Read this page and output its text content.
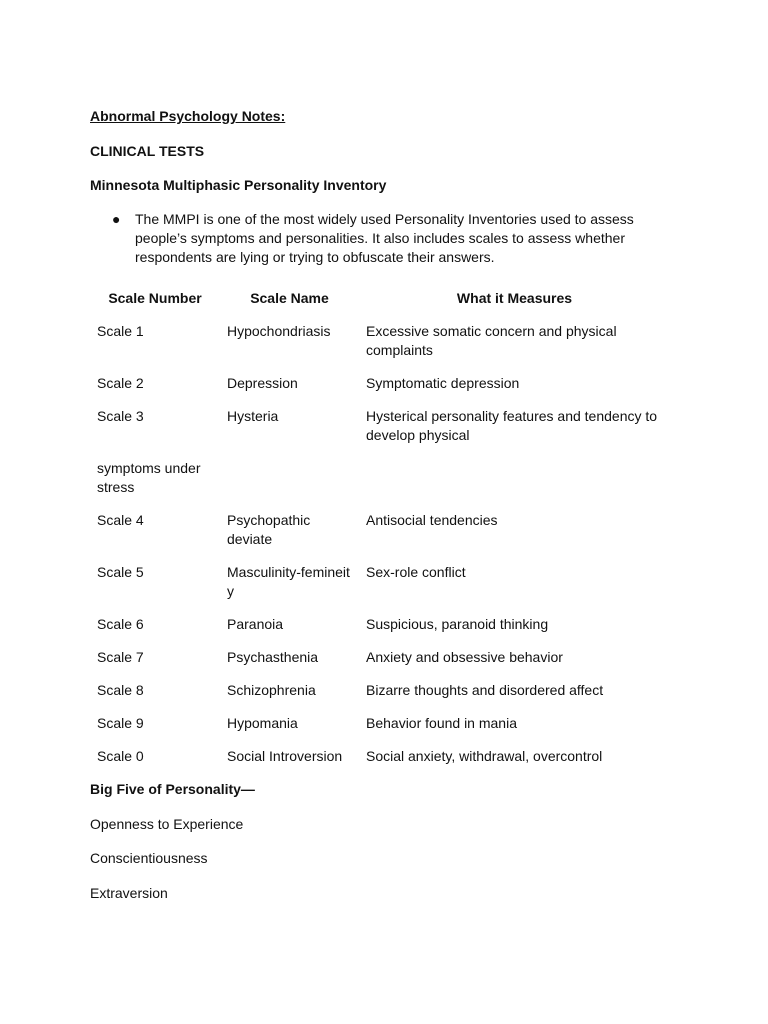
Abnormal Psychology Notes:
CLINICAL TESTS
Minnesota Multiphasic Personality Inventory
●	The MMPI is one of the most widely used Personality Inventories used to assess people’s symptoms and personalities. It also includes scales to assess whether respondents are lying or trying to obfuscate their answers.
Scale Number	Scale Name	What it Measures
Scale 1	Hypochondriasis	Excessive somatic concern and physical complaints
Scale 2	Depression	Symptomatic depression
Scale 3	Hysteria	Hysterical personality features and tendency to develop physical
symptoms under stress		
Scale 4	Psychopathic deviate	Antisocial tendencies
Scale 5	Masculinity-femineity	Sex-role conflict
Scale 6	Paranoia	Suspicious, paranoid thinking
Scale 7	Psychasthenia	Anxiety and obsessive behavior
Scale 8	Schizophrenia	Bizarre thoughts and disordered affect
Scale 9	Hypomania	Behavior found in mania
Scale 0	Social Introversion	Social anxiety, withdrawal, overcontrol
Big Five of Personality—
Openness to Experience
Conscientiousness
Extraversion
